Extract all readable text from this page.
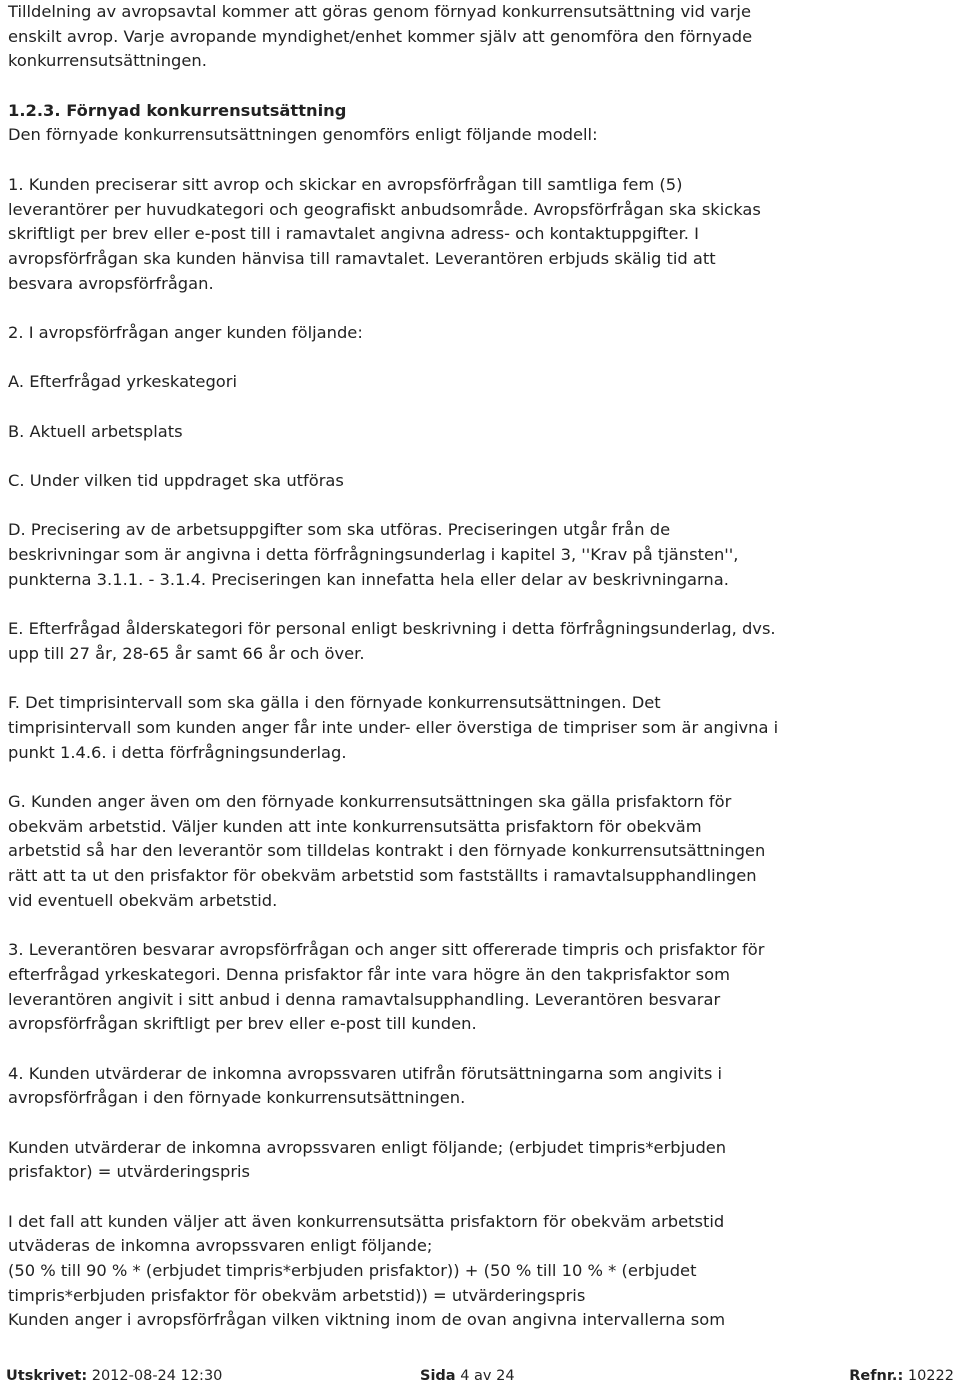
Tilldelning av avropsavtal kommer att göras genom förnyad konkurrensutsättning vid varje
enskilt avrop. Varje avropande myndighet/enhet kommer själv att genomföra den förnyade
konkurrensutsättningen.
1.2.3. Förnyad konkurrensutsättning
Den förnyade konkurrensutsättningen genomförs enligt följande modell:
1. Kunden preciserar sitt avrop och skickar en avropsförfrågan till samtliga fem (5)
leverantörer per huvudkategori och geografiskt anbudsområde. Avropsförfrågan ska skickas
skriftligt per brev eller e-post till i ramavtalet angivna adress- och kontaktuppgifter. I
avropsförfrågan ska kunden hänvisa till ramavtalet. Leverantören erbjuds skälig tid att
besvara avropsförfrågan.
2. I avropsförfrågan anger kunden följande:
A. Efterfrågad yrkeskategori
B. Aktuell arbetsplats
C. Under vilken tid uppdraget ska utföras
D. Precisering av de arbetsuppgifter som ska utföras. Preciseringen utgår från de
beskrivningar som är angivna i detta förfrågningsunderlag i kapitel 3, ''Krav på tjänsten'',
punkterna 3.1.1. - 3.1.4. Preciseringen kan innefatta hela eller delar av beskrivningarna.
E. Efterfrågad ålderskategori för personal enligt beskrivning i detta förfrågningsunderlag, dvs.
upp till 27 år, 28-65 år samt 66 år och över.
F. Det timprisintervall som ska gälla i den förnyade konkurrensutsättningen. Det
timprisintervall som kunden anger får inte under- eller överstiga de timpriser som är angivna i
punkt 1.4.6. i detta förfrågningsunderlag.
G. Kunden anger även om den förnyade konkurrensutsättningen ska gälla prisfaktorn för
obekväm arbetstid. Väljer kunden att inte konkurrensutsätta prisfaktorn för obekväm
arbetstid så har den leverantör som tilldelas kontrakt i den förnyade konkurrensutsättningen
rätt att ta ut den prisfaktor för obekväm arbetstid som fastställts i ramavtalsupphandlingen
vid eventuell obekväm arbetstid.
3. Leverantören besvarar avropsförfrågan och anger sitt offererade timpris och prisfaktor för
efterfrågad yrkeskategori. Denna prisfaktor får inte vara högre än den takprisfaktor som
leverantören angivit i sitt anbud i denna ramavtalsupphandling. Leverantören besvarar
avropsförfrågan skriftligt per brev eller e-post till kunden.
4. Kunden utvärderar de inkomna avropssvaren utifrån förutsättningarna som angivits i
avropsförfrågan i den förnyade konkurrensutsättningen.
Kunden utvärderar de inkomna avropssvaren enligt följande; (erbjudet timpris*erbjuden
prisfaktor) = utvärderingspris
I det fall att kunden väljer att även konkurrensutsätta prisfaktorn för obekväm arbetstid
utväderas de inkomna avropssvaren enligt följande;
(50 % till 90 % * (erbjudet timpris*erbjuden prisfaktor)) + (50 % till 10 % * (erbjudet
timpris*erbjuden prisfaktor för obekväm arbetstid)) = utvärderingspris
Kunden anger i avropsförfrågan vilken viktning inom de ovan angivna intervallerna som
Utskrivet: 2012-08-24 12:30	Sida 4 av 24	Refnr.: 10222
